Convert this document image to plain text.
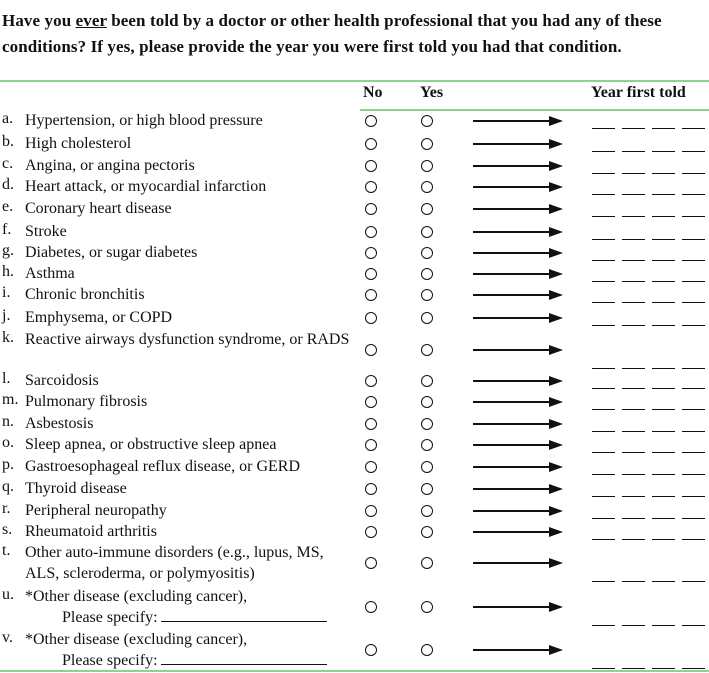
Have you ever been told by a doctor or other health professional that you had any of these conditions? If yes, please provide the year you were first told you had that condition.

No Yes	Year first told
a. Hypertension, or high blood pressure
b. High cholesterol
c. Angina, or angina pectoris
d. Heart attack, or myocardial infarction
e. Coronary heart disease
f. Stroke
g. Diabetes, or sugar diabetes
h. Asthma
i. Chronic bronchitis
j. Emphysema, or COPD
k. Reactive airways dysfunction syndrome, or RADS
l. Sarcoidosis
m. Pulmonary fibrosis
n. Asbestosis
o. Sleep apnea, or obstructive sleep apnea
p. Gastroesophageal reflux disease, or GERD
q. Thyroid disease
r. Peripheral neuropathy
s. Rheumatoid arthritis
t. Other auto-immune disorders (e.g., lupus, MS, ALS, scleroderma, or polymyositis)
u. *Other disease (excluding cancer),
Please specify:
v. *Other disease (excluding cancer),
Please specify:
